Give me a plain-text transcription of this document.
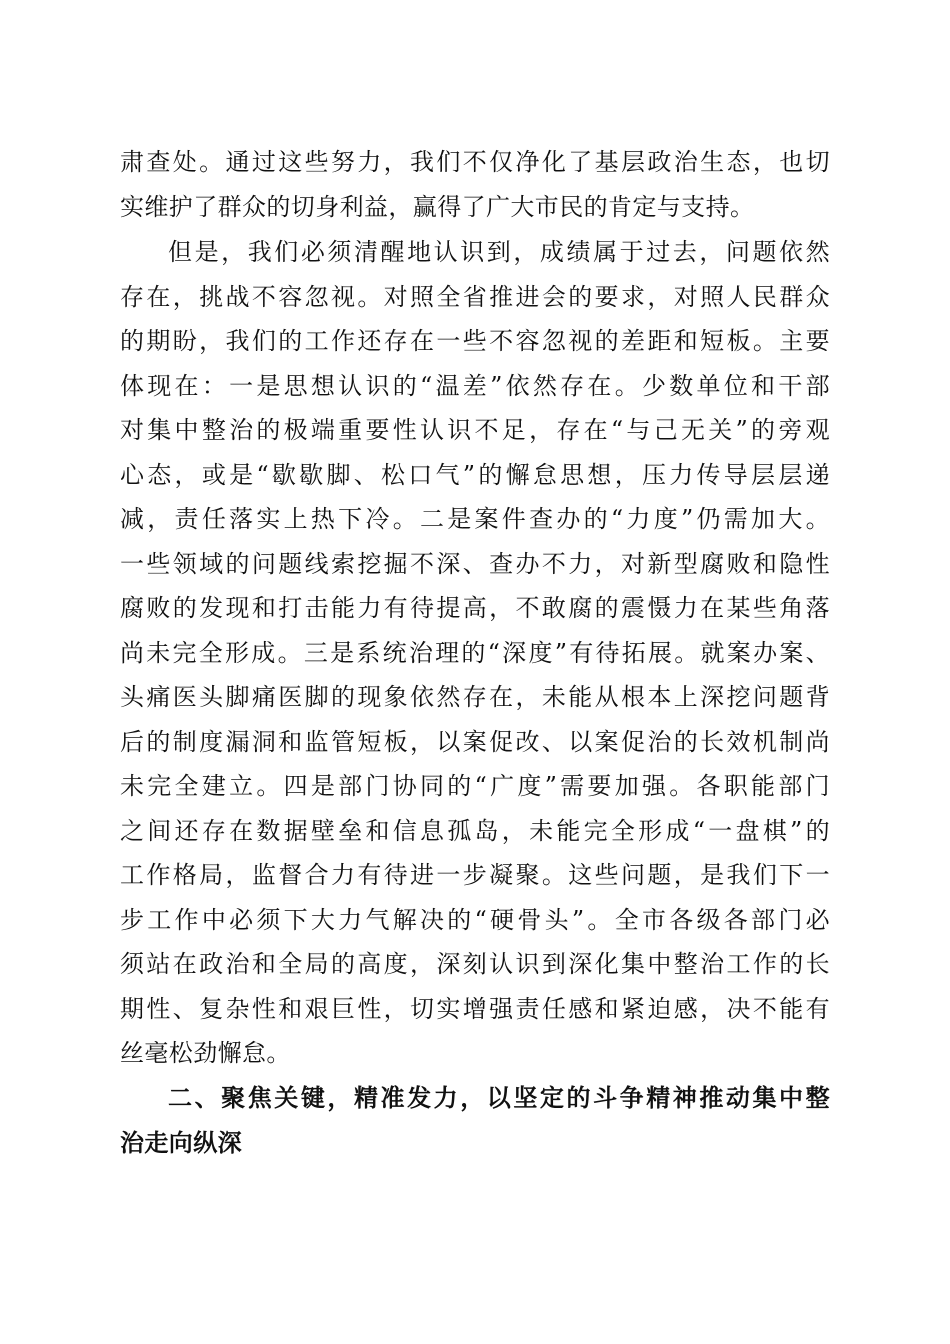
肃查处。通过这些努力，我们不仅净化了基层政治生态，也切
实维护了群众的切身利益，赢得了广大市民的肯定与支持。
但是，我们必须清醒地认识到，成绩属于过去，问题依然
存在，挑战不容忽视。对照全省推进会的要求，对照人民群众
的期盼，我们的工作还存在一些不容忽视的差距和短板。主要
体现在：一是思想认识的“温差”依然存在。少数单位和干部
对集中整治的极端重要性认识不足，存在“与己无关”的旁观
心态，或是“歇歇脚、松口气”的懈怠思想，压力传导层层递
减，责任落实上热下冷。二是案件查办的“力度”仍需加大。
一些领域的问题线索挖掘不深、查办不力，对新型腐败和隐性
腐败的发现和打击能力有待提高，不敢腐的震慑力在某些角落
尚未完全形成。三是系统治理的“深度”有待拓展。就案办案、
头痛医头脚痛医脚的现象依然存在，未能从根本上深挖问题背
后的制度漏洞和监管短板，以案促改、以案促治的长效机制尚
未完全建立。四是部门协同的“广度”需要加强。各职能部门
之间还存在数据壁垒和信息孤岛，未能完全形成“一盘棋”的
工作格局，监督合力有待进一步凝聚。这些问题，是我们下一
步工作中必须下大力气解决的“硬骨头”。全市各级各部门必
须站在政治和全局的高度，深刻认识到深化集中整治工作的长
期性、复杂性和艰巨性，切实增强责任感和紧迫感，决不能有
丝毫松劲懈怠。
二、聚焦关键，精准发力，以坚定的斗争精神推动集中整
治走向纵深
